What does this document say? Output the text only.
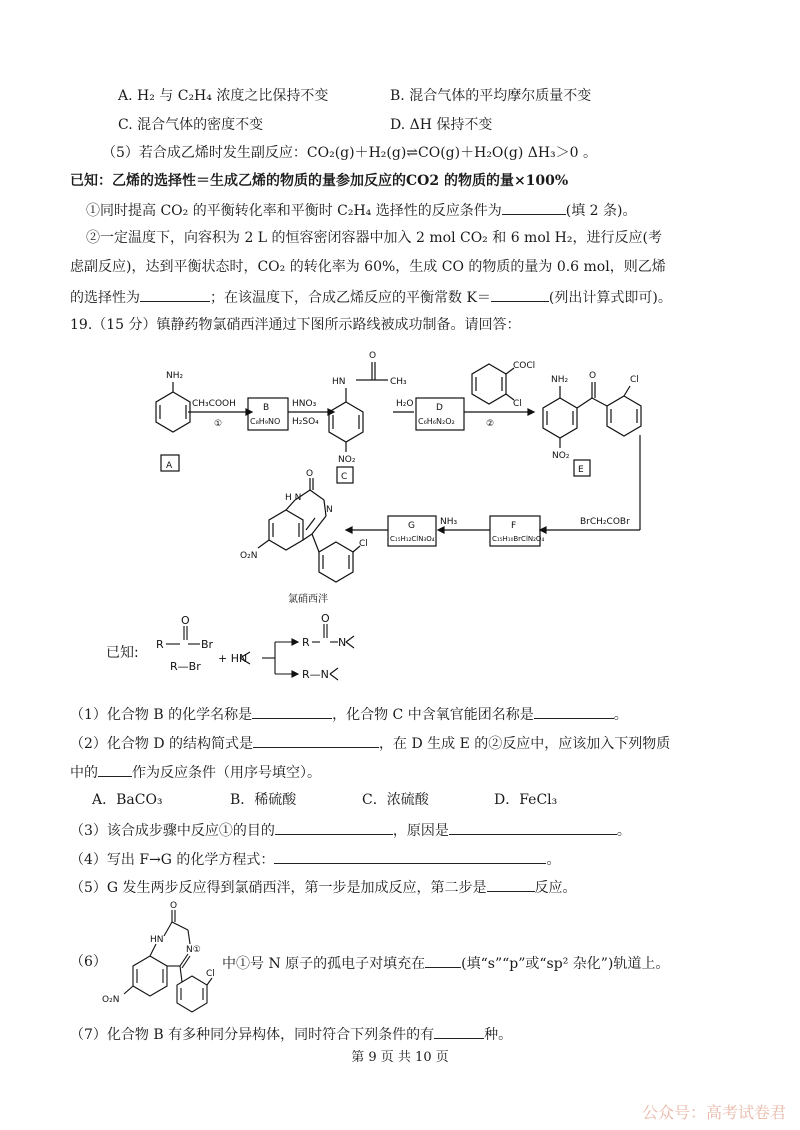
A. H₂ 与 C₂H₄ 浓度之比保持不变	B. 混合气体的平均摩尔质量不变
C. 混合气体的密度不变	D. ΔH 保持不变
（5）若合成乙烯时发生副反应：CO₂(g)＋H₂(g)⇌CO(g)＋H₂O(g) ΔH₃＞0 。
已知：乙烯的选择性＝生成乙烯的物质的量参加反应的CO2 的物质的量×100%
①同时提高 CO₂ 的平衡转化率和平衡时 C₂H₄ 选择性的反应条件为	(填 2 条)。
②一定温度下，向容积为 2 L 的恒容密闭容器中加入 2 mol CO₂ 和 6 mol H₂，进行反应(考
虑副反应)，达到平衡状态时，CO₂ 的转化率为 60%，生成 CO 的物质的量为 0.6 mol，则乙烯
的选择性为	；在该温度下，合成乙烯反应的平衡常数 K＝	(列出计算式即可)。
19.（15 分）镇静药物氯硝西泮通过下图所示路线被成功制备。请回答：
NH₂
A
CH₃COOH
①
B
C₈H₉NO
HNO₃
H₂SO₄
HN
O
CH₃
NO₂
C
H₂O	D
C₆H₆N₂O₂	②
COCl
Cl
NH₂ O	Cl
NO₂
E
BrCH₂COBr
F
C₁₅H₁₀BrClN₂O₄
NH₃
G
C₁₅H₁₂ClN₃O₄
H N
O
N
Cl
O₂N
氯硝西泮
已知:
R	Br
O
R—Br
+ HN
R
O
N
R—N
（1）化合物 B 的化学名称是	，化合物 C 中含氧官能团名称是	。
（2）化合物 D 的结构简式是	，在 D 生成 E 的②反应中，应该加入下列物质
中的 作为反应条件（用序号填空）。
A．BaCO₃	B．稀硫酸	C．浓硫酸	D．FeCl₃
（3）该合成步骤中反应①的目的	，原因是	。
（4）写出 F→G 的化学方程式：	。
（5）G 发生两步反应得到氯硝西泮，第一步是加成反应，第二步是	反应。
（6）
HN
O
N①
Cl
O₂N
中①号 N 原子的孤电子对填充在	(填“s”“p”或“sp² 杂化”)轨道上。
（7）化合物 B 有多种同分异构体，同时符合下列条件的有	种。
第 9 页 共 10 页
公众号：高考试卷君
